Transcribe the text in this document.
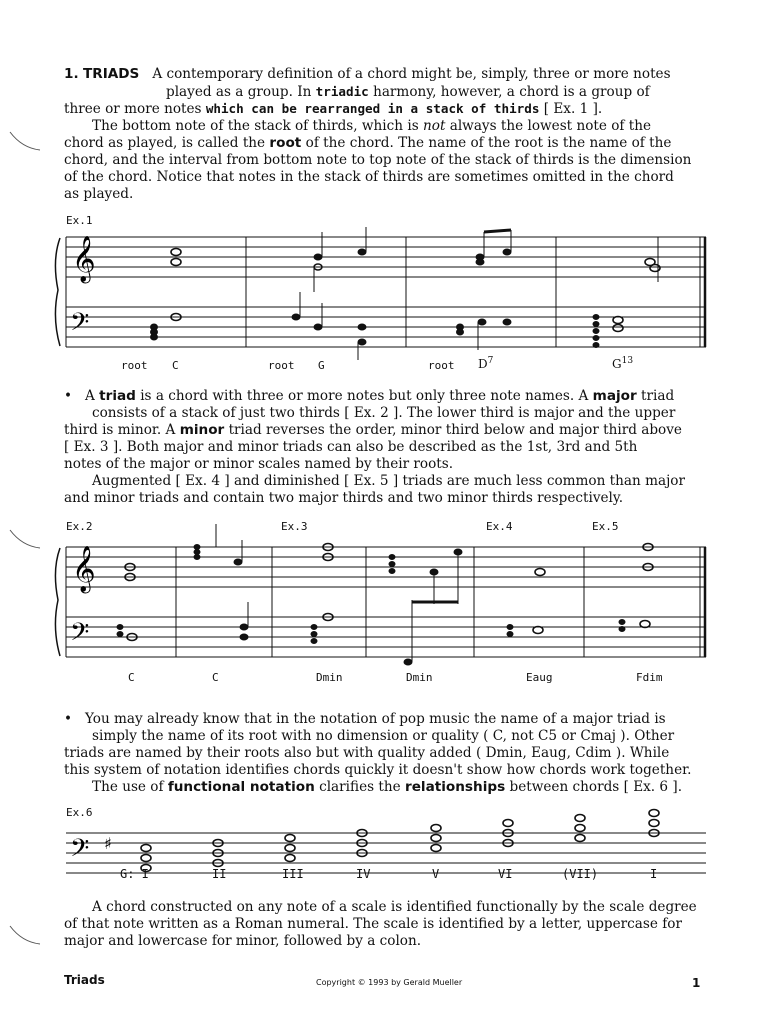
1. TRIADS A contemporary definition of a chord might be, simply, three or more notes
played as a group. In triadic harmony, however, a chord is a group of
three or more notes which can be rearranged in a stack of thirds [ Ex. 1 ].
The bottom note of the stack of thirds, which is not always the lowest note of the
chord as played, is called the root of the chord. The name of the root is the name of the
chord, and the interval from bottom note to top note of the stack of thirds is the dimension
of the chord. Notice that notes in the stack of thirds are sometimes omitted in the chord
as played.
Ex.1
𝄞
𝄢
𝄞
𝄢
𝄢 ♯
root C	root G	root $D^7$	$G^{13}$
•   A triad is a chord with three or more notes but only three note names. A major triad
consists of a stack of just two thirds [ Ex. 2 ]. The lower third is major and the upper
third is minor. A minor triad reverses the order, minor third below and major third above
[ Ex. 3 ]. Both major and minor triads can also be described as the 1st, 3rd and 5th
notes of the major or minor scales named by their roots.
Augmented [ Ex. 4 ] and diminished [ Ex. 5 ] triads are much less common than major
and minor triads and contain two major thirds and two minor thirds respectively.
Ex.2	Ex.3	Ex.4	Ex.5
C	C	Dmin	Dmin	Eaug	Fdim
•   You may already know that in the notation of pop music the name of a major triad is
simply the name of its root with no dimension or quality ( C, not C5 or Cmaj ). Other
triads are named by their roots also but with quality added ( Dmin, Eaug, Cdim ). While
this system of notation identifies chords quickly it doesn't show how chords work together.
The use of functional notation clarifies the relationships between chords [ Ex. 6 ].
Ex.6
G: I	II	III	IV	V	VI	(VII)	I
A chord constructed on any note of a scale is identified functionally by the scale degree
of that note written as a Roman numeral. The scale is identified by a letter, uppercase for
major and lowercase for minor, followed by a colon.
Triads	Copyright © 1993 by Gerald Mueller	1
